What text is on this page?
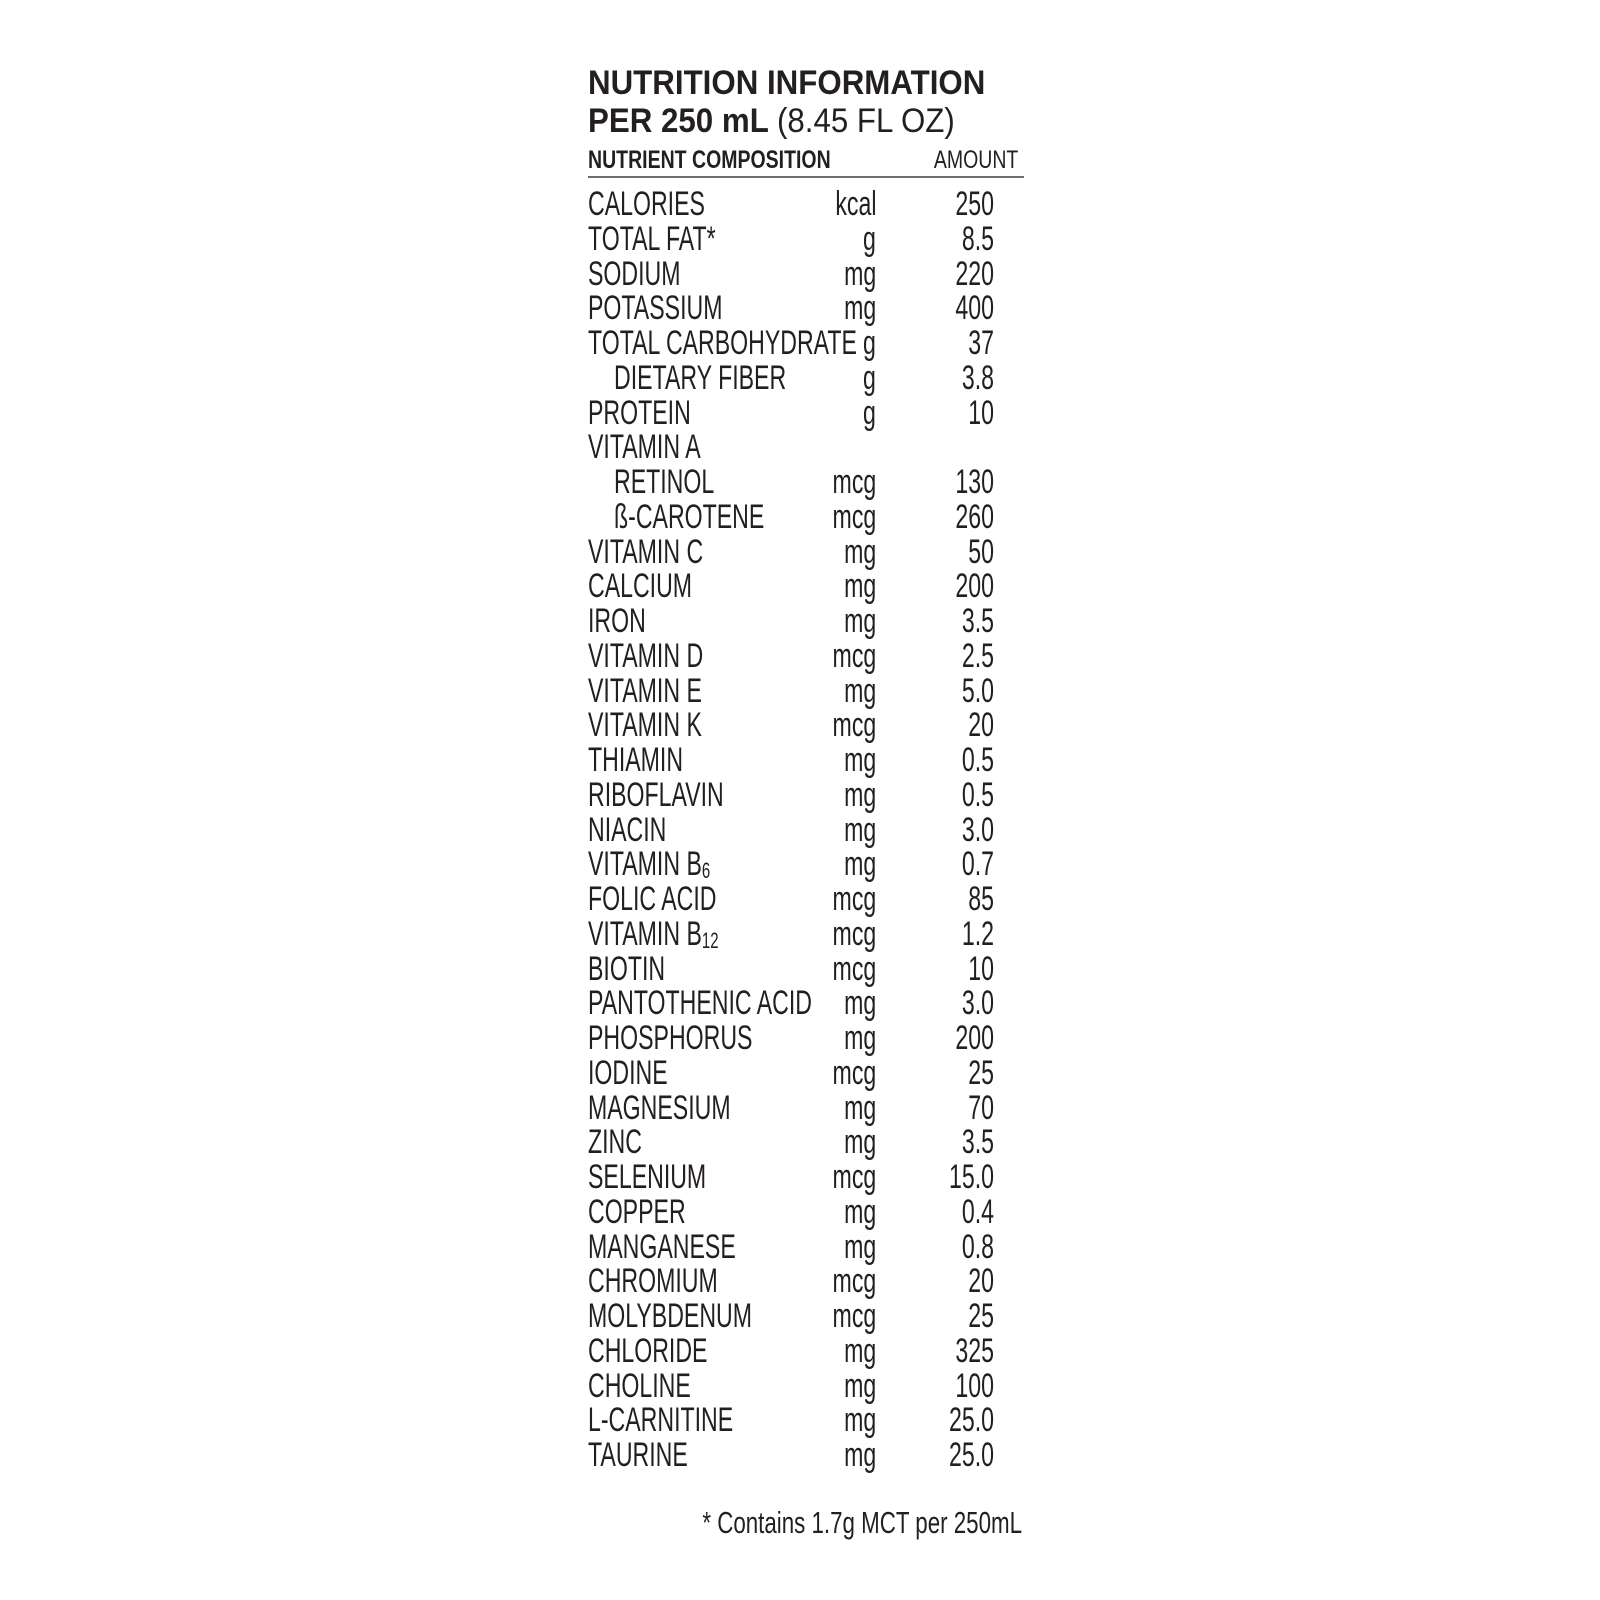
NUTRITION INFORMATION
PER 250 mL (8.45 FL OZ)
NUTRIENT COMPOSITION	AMOUNT
CALORIES	kcal	250
TOTAL FAT*	g	8.5
SODIUM	mg	220
POTASSIUM	mg	400
TOTAL CARBOHYDRATE g	37
DIETARY FIBER g	3.8
PROTEIN	g	10
VITAMIN A
RETINOL	mcg	130
ß-CAROTENE mcg	260
VITAMIN C	mg	50
CALCIUM	mg	200
IRON	mg	3.5
VITAMIN D	mcg	2.5
VITAMIN E	mg	5.0
VITAMIN K	mcg	20
THIAMIN	mg	0.5
RIBOFLAVIN	mg	0.5
NIACIN	mg	3.0
VITAMIN B6	mg	0.7
FOLIC ACID	mcg	85
VITAMIN B12	mcg	1.2
BIOTIN	mcg	10
PANTOTHENIC ACID mg	3.0
PHOSPHORUS	mg	200
IODINE	mcg	25
MAGNESIUM	mg	70
ZINC	mg	3.5
SELENIUM	mcg	15.0
COPPER	mg	0.4
MANGANESE	mg	0.8
CHROMIUM	mcg	20
MOLYBDENUM mcg	25
CHLORIDE	mg	325
CHOLINE	mg	100
L-CARNITINE	mg	25.0
TAURINE	mg	25.0
* Contains 1.7g MCT per 250mL
